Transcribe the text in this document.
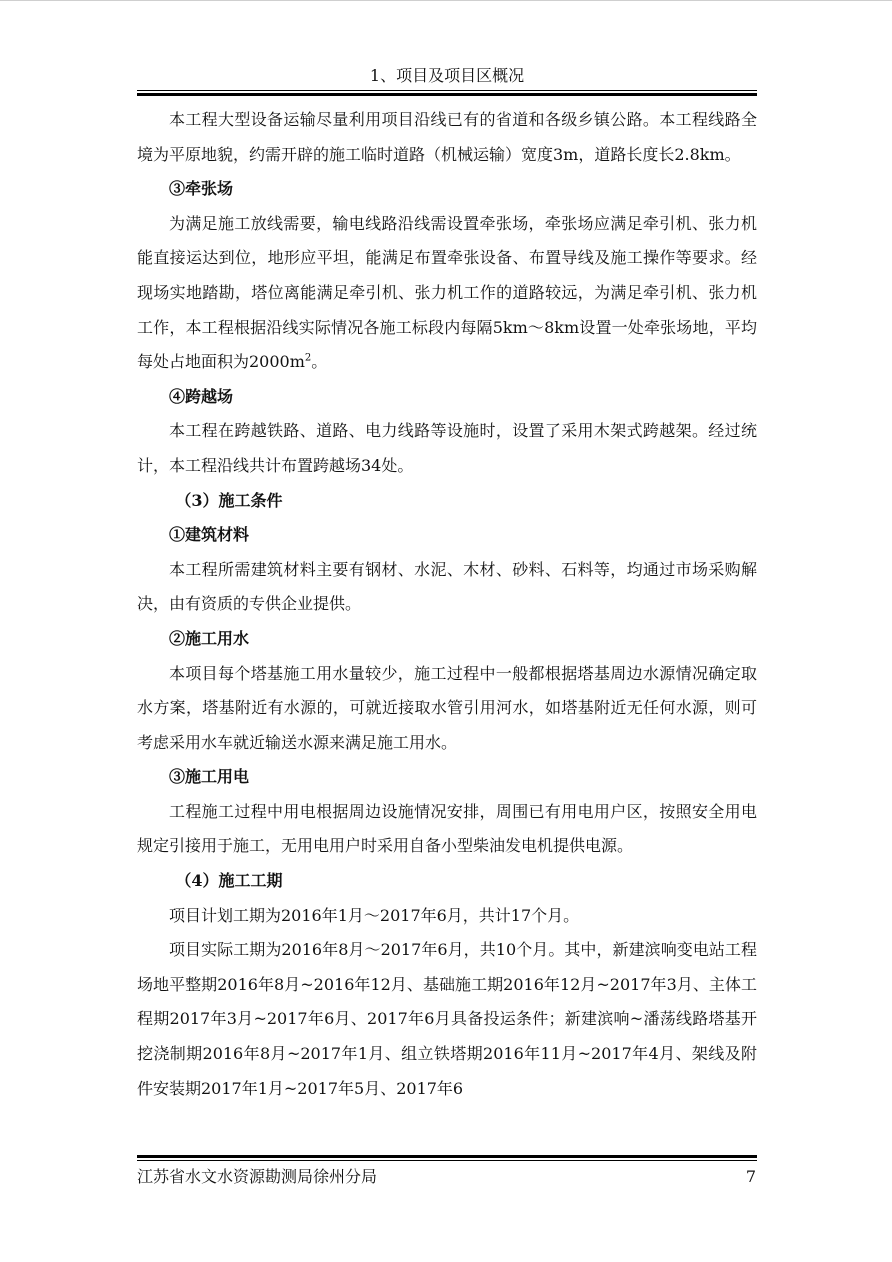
1、项目及项目区概况

本工程大型设备运输尽量利用项目沿线已有的省道和各级乡镇公路。本工程线路全境为平原地貌，约需开辟的施工临时道路（机械运输）宽度3m，道路长度长2.8km。

③牵张场

为满足施工放线需要，输电线路沿线需设置牵张场，牵张场应满足牵引机、张力机能直接运达到位，地形应平坦，能满足布置牵张设备、布置导线及施工操作等要求。经现场实地踏勘，塔位离能满足牵引机、张力机工作的道路较远，为满足牵引机、张力机工作，本工程根据沿线实际情况各施工标段内每隔5km～8km设置一处牵张场地，平均每处占地面积为$2000m^2$。

④跨越场

本工程在跨越铁路、道路、电力线路等设施时，设置了采用木架式跨越架。经过统计，本工程沿线共计布置跨越场34处。

（3）施工条件

①建筑材料

本工程所需建筑材料主要有钢材、水泥、木材、砂料、石料等，均通过市场采购解决，由有资质的专供企业提供。

②施工用水

本项目每个塔基施工用水量较少，施工过程中一般都根据塔基周边水源情况确定取水方案，塔基附近有水源的，可就近接取水管引用河水，如塔基附近无任何水源，则可考虑采用水车就近输送水源来满足施工用水。

③施工用电

工程施工过程中用电根据周边设施情况安排，周围已有用电用户区，按照安全用电规定引接用于施工，无用电用户时采用自备小型柴油发电机提供电源。

（4）施工工期

项目计划工期为2016年1月～2017年6月，共计17个月。

项目实际工期为2016年8月～2017年6月，共10个月。其中，新建滨响变电站工程场地平整期2016年8月~2016年12月、基础施工期2016年12月~2017年3月、主体工程期2017年3月~2017年6月、2017年6月具备投运条件；新建滨响~潘荡线路塔基开挖浇制期2016年8月~2017年1月、组立铁塔期2016年11月~2017年4月、架线及附件安装期2017年1月~2017年5月、2017年6

江苏省水文水资源勘测局徐州分局	7
